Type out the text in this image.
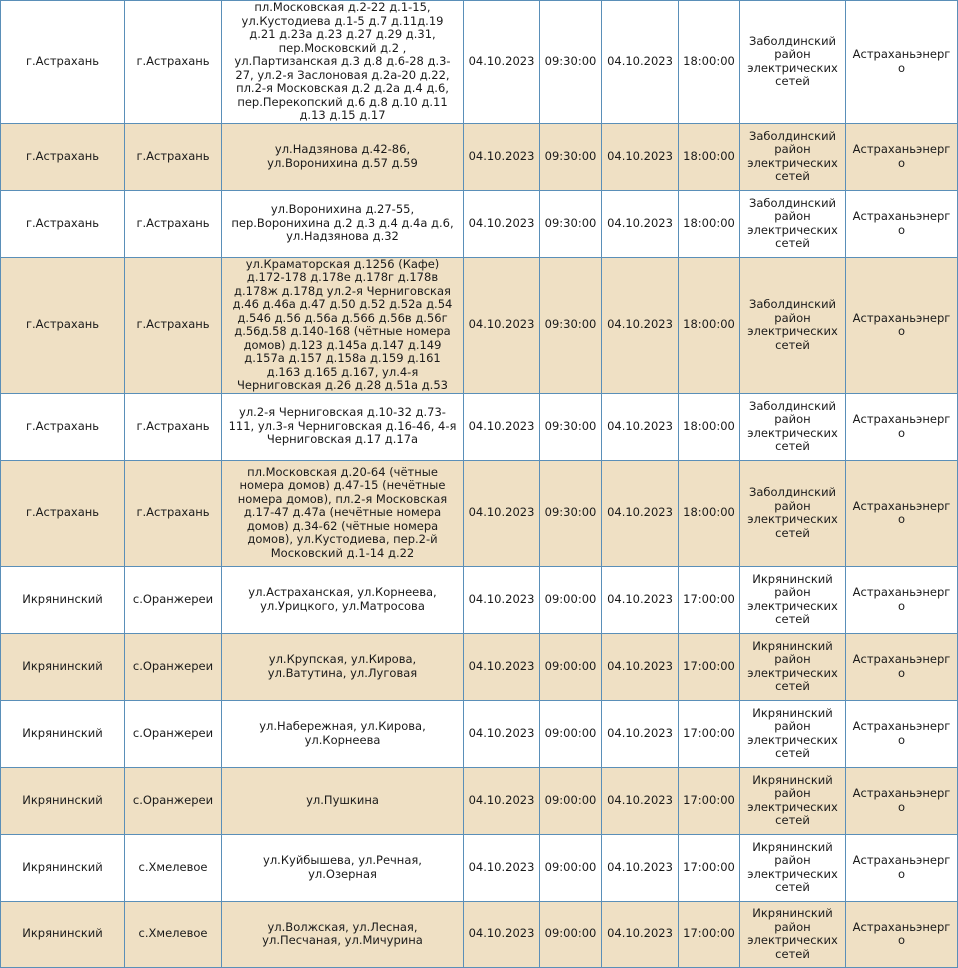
г.Астрахань	г.Астрахань	пл.Московская д.2-22 д.1-15, ул.Кустодиева д.1-5 д.7 д.11д.19 д.21 д.23а д.23 д.27 д.29 д.31, пер.Московский д.2 , ул.Партизанская д.3 д.8 д.6-28 д.3-27, ул.2-я Заслоновая д.2а-20 д.22, пл.2-я Московская д.2 д.2а д.4 д.6, пер.Перекопский д.6 д.8 д.10 д.11 д.13 д.15 д.17	04.10.2023	09:30:00	04.10.2023	18:00:00	Заболдинский район электрических сетей	Астраханьэнерго
г.Астрахань	г.Астрахань	ул.Надзянова д.42-86, ул.Воронихина д.57 д.59	04.10.2023	09:30:00	04.10.2023	18:00:00	Заболдинский район электрических сетей	Астраханьэнерго
г.Астрахань	г.Астрахань	ул.Воронихина д.27-55, пер.Воронихина д.2 д.3 д.4 д.4а д.6, ул.Надзянова д.32	04.10.2023	09:30:00	04.10.2023	18:00:00	Заболдинский район электрических сетей	Астраханьэнерго
г.Астрахань	г.Астрахань	ул.Краматорская д.1256 (Кафе) д.172-178 д.178е д.178г д.178в д.178ж д.178д ул.2-я Черниговская д.46 д.46а д.47 д.50 д.52 д.52а д.54 д.546 д.56 д.56а д.566 д.56в д.56г д.56д.58 д.140-168 (чётные номера домов) д.123 д.145а д.147 д.149 д.157а д.157 д.158а д.159 д.161 д.163 д.165 д.167, ул.4-я Черниговская д.26 д.28 д.51а д.53	04.10.2023	09:30:00	04.10.2023	18:00:00	Заболдинский район электрических сетей	Астраханьэнерго
г.Астрахань	г.Астрахань	ул.2-я Черниговская д.10-32 д.73-111, ул.3-я Черниговская д.16-46, 4-я Черниговская д.17 д.17а	04.10.2023	09:30:00	04.10.2023	18:00:00	Заболдинский район электрических сетей	Астраханьэнерго
г.Астрахань	г.Астрахань	пл.Московская д.20-64 (чётные номера домов) д.47-15 (нечётные номера домов), пл.2-я Московская д.17-47 д.47а (нечётные номера домов) д.34-62 (чётные номера домов), ул.Кустодиева, пер.2-й Московский д.1-14 д.22	04.10.2023	09:30:00	04.10.2023	18:00:00	Заболдинский район электрических сетей	Астраханьэнерго
Икрянинский	с.Оранжереи	ул.Астраханская, ул.Корнеева, ул.Урицкого, ул.Матросова	04.10.2023	09:00:00	04.10.2023	17:00:00	Икрянинский район электрических сетей	Астраханьэнерго
Икрянинский	с.Оранжереи	ул.Крупская, ул.Кирова, ул.Ватутина, ул.Луговая	04.10.2023	09:00:00	04.10.2023	17:00:00	Икрянинский район электрических сетей	Астраханьэнерго
Икрянинский	с.Оранжереи	ул.Набережная, ул.Кирова, ул.Корнеева	04.10.2023	09:00:00	04.10.2023	17:00:00	Икрянинский район электрических сетей	Астраханьэнерго
Икрянинский	с.Оранжереи	ул.Пушкина	04.10.2023	09:00:00	04.10.2023	17:00:00	Икрянинский район электрических сетей	Астраханьэнерго
Икрянинский	с.Хмелевое	ул.Куйбышева, ул.Речная, ул.Озерная	04.10.2023	09:00:00	04.10.2023	17:00:00	Икрянинский район электрических сетей	Астраханьэнерго
Икрянинский	с.Хмелевое	ул.Волжская, ул.Лесная, ул.Песчаная, ул.Мичурина	04.10.2023	09:00:00	04.10.2023	17:00:00	Икрянинский район электрических сетей	Астраханьэнерго
